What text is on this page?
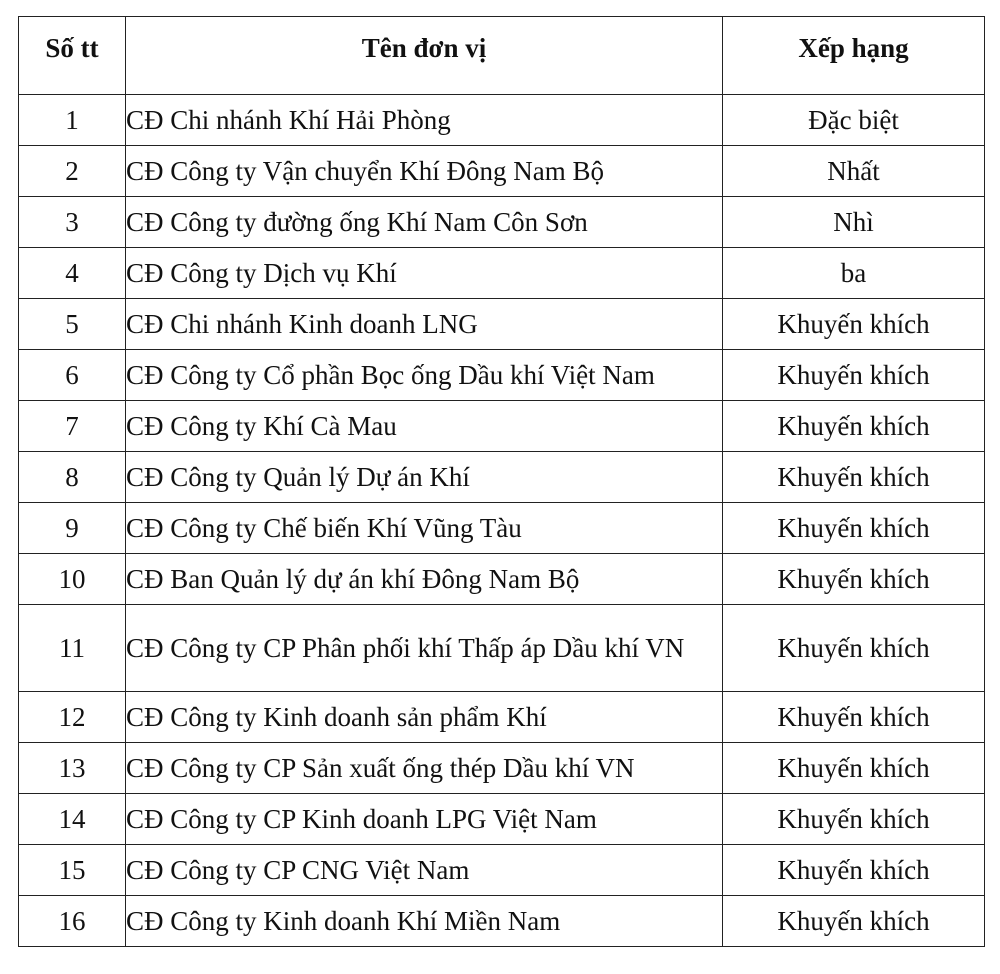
Số tt	Tên đơn vị	Xếp hạng
1	CĐ Chi nhánh Khí Hải Phòng	Đặc biệt
2	CĐ Công ty Vận chuyển Khí Đông Nam Bộ	Nhất
3	CĐ Công ty đường ống Khí Nam Côn Sơn	Nhì
4	CĐ Công ty Dịch vụ Khí	ba
5	CĐ Chi nhánh Kinh doanh LNG	Khuyến khích
6	CĐ Công ty Cổ phần Bọc ống Dầu khí Việt Nam	Khuyến khích
7	CĐ Công ty Khí Cà Mau	Khuyến khích
8	CĐ Công ty Quản lý Dự án Khí	Khuyến khích
9	CĐ Công ty Chế biến Khí Vũng Tàu	Khuyến khích
10	CĐ Ban Quản lý dự án khí Đông Nam Bộ	Khuyến khích
11	CĐ Công ty CP Phân phối khí Thấp áp Dầu khí VN	Khuyến khích
12	CĐ Công ty Kinh doanh sản phẩm Khí	Khuyến khích
13	CĐ Công ty CP Sản xuất ống thép Dầu khí VN	Khuyến khích
14	CĐ Công ty CP Kinh doanh LPG Việt Nam	Khuyến khích
15	CĐ Công ty CP CNG Việt Nam	Khuyến khích
16	CĐ Công ty Kinh doanh Khí Miền Nam	Khuyến khích
